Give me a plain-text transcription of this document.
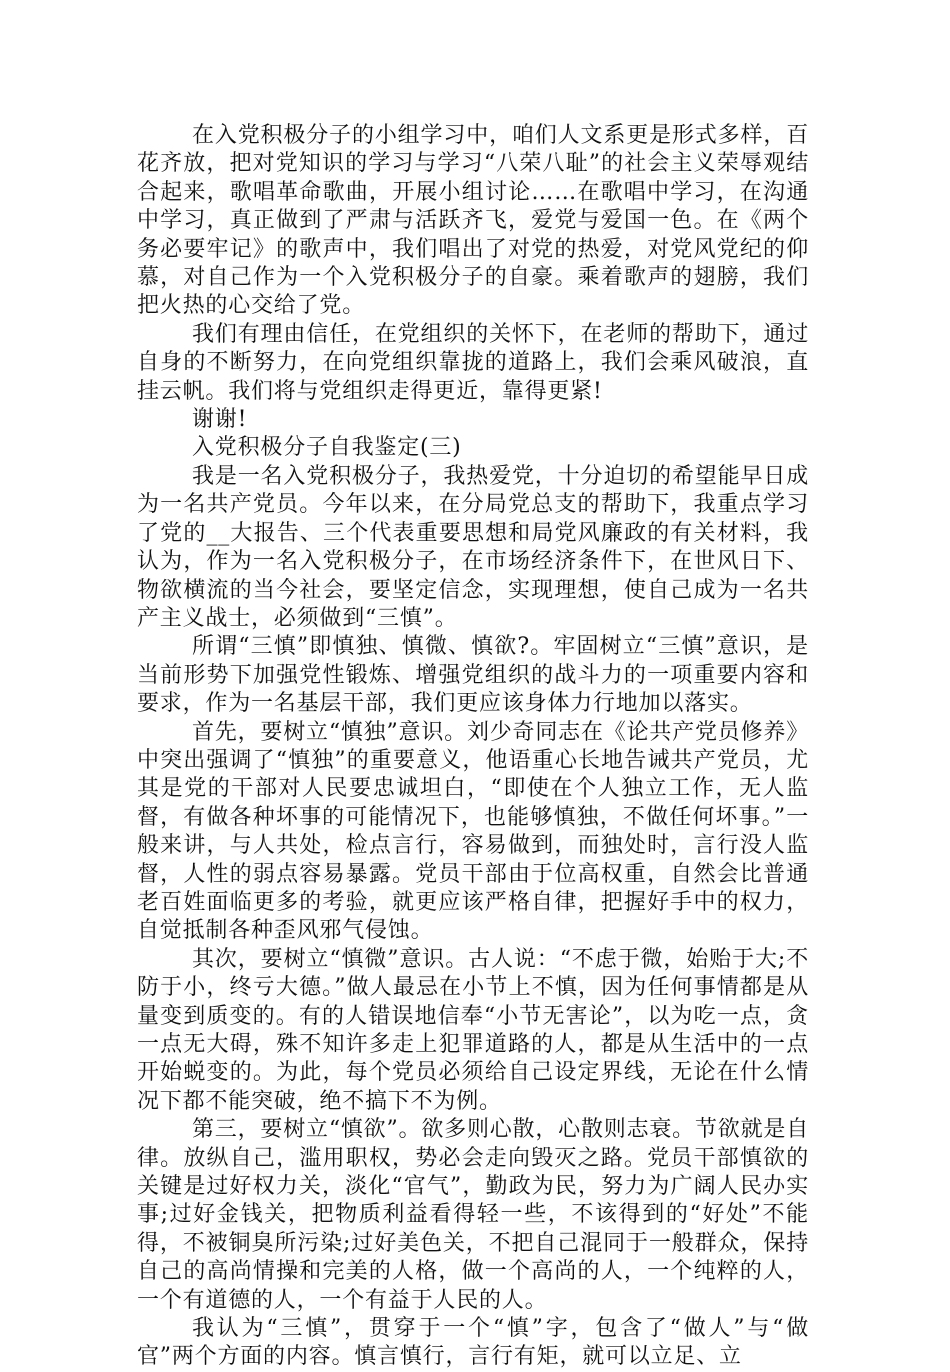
在入党积极分子的小组学习中，咱们人文系更是形式多样，百花齐放，把对党知识的学习与学习“八荣八耻”的社会主义荣辱观结合起来，歌唱革命歌曲，开展小组讨论……在歌唱中学习，在沟通中学习，真正做到了严肃与活跃齐飞，爱党与爱国一色。在《两个务必要牢记》的歌声中，我们唱出了对党的热爱，对党风党纪的仰慕，对自己作为一个入党积极分子的自豪。乘着歌声的翅膀，我们把火热的心交给了党。

我们有理由信任，在党组织的关怀下，在老师的帮助下，通过自身的不断努力，在向党组织靠拢的道路上，我们会乘风破浪，直挂云帆。我们将与党组织走得更近，靠得更紧!

谢谢!

入党积极分子自我鉴定(三)

我是一名入党积极分子，我热爱党，十分迫切的希望能早日成为一名共产党员。今年以来，在分局党总支的帮助下，我重点学习了党的__大报告、三个代表重要思想和局党风廉政的有关材料，我认为，作为一名入党积极分子，在市场经济条件下，在世风日下、物欲横流的当今社会，要坚定信念，实现理想，使自己成为一名共产主义战士，必须做到“三慎”。

所谓“三慎”即慎独、慎微、慎欲?。牢固树立“三慎”意识，是当前形势下加强党性锻炼、增强党组织的战斗力的一项重要内容和要求，作为一名基层干部，我们更应该身体力行地加以落实。

首先，要树立“慎独”意识。刘少奇同志在《论共产党员修养》中突出强调了“慎独”的重要意义，他语重心长地告诫共产党员，尤其是党的干部对人民要忠诚坦白，“即使在个人独立工作，无人监督，有做各种坏事的可能情况下，也能够慎独，不做任何坏事。”一般来讲，与人共处，检点言行，容易做到，而独处时，言行没人监督，人性的弱点容易暴露。党员干部由于位高权重，自然会比普通老百姓面临更多的考验，就更应该严格自律，把握好手中的权力，自觉抵制各种歪风邪气侵蚀。

其次，要树立“慎微”意识。古人说：“不虑于微，始贻于大;不防于小，终亏大德。”做人最忌在小节上不慎，因为任何事情都是从量变到质变的。有的人错误地信奉“小节无害论”，以为吃一点，贪一点无大碍，殊不知许多走上犯罪道路的人，都是从生活中的一点开始蜕变的。为此，每个党员必须给自己设定界线，无论在什么情况下都不能突破，绝不搞下不为例。

第三，要树立“慎欲”。欲多则心散，心散则志衰。节欲就是自律。放纵自己，滥用职权，势必会走向毁灭之路。党员干部慎欲的关键是过好权力关，淡化“官气”，勤政为民，努力为广阔人民办实事;过好金钱关，把物质利益看得轻一些，不该得到的“好处”不能得，不被铜臭所污染;过好美色关，不把自己混同于一般群众，保持自己的高尚情操和完美的人格，做一个高尚的人，一个纯粹的人，一个有道德的人，一个有益于人民的人。

我认为“三慎”，贯穿于一个“慎”字，包含了“做人”与“做官”两个方面的内容。慎言慎行，言行有矩，就可以立足、立
